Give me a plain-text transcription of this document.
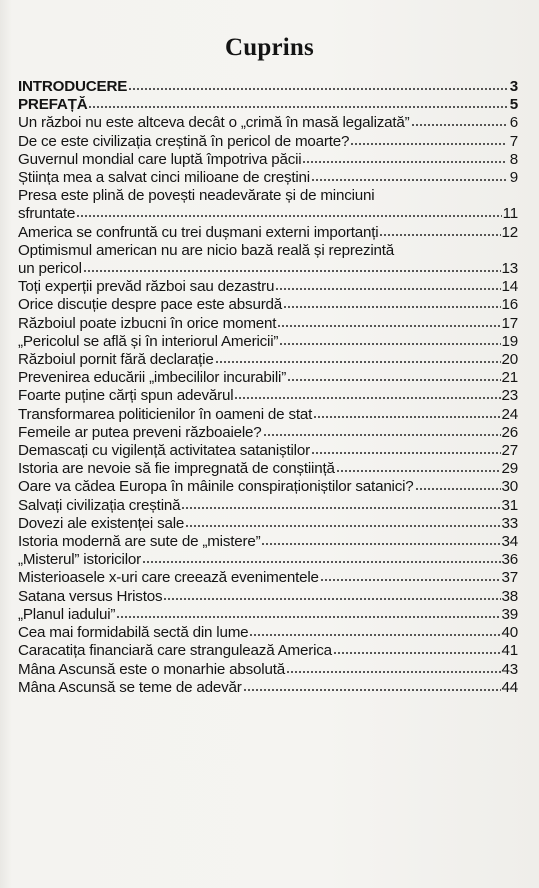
Cuprins
INTRODUCERE	3
PREFAȚĂ	5
Un război nu este altceva decât o „crimă în masă legalizată”	6
De ce este civilizația creștină în pericol de moarte?	7
Guvernul mondial care luptă împotriva păcii	8
Știința mea a salvat cinci milioane de creștini	9
Presa este plină de povești neadevărate și de minciuni
sfruntate	11
America se confruntă cu trei dușmani externi importanți	12
Optimismul american nu are nicio bază reală și reprezintă
un pericol	13
Toți experții prevăd război sau dezastru	14
Orice discuție despre pace este absurdă	16
Războiul poate izbucni în orice moment	17
„Pericolul se află și în interiorul Americii”	19
Războiul pornit fără declarație	20
Prevenirea educării „imbecililor incurabili”	21
Foarte puține cărți spun adevărul	23
Transformarea politicienilor în oameni de stat	24
Femeile ar putea preveni războaiele?	26
Demascați cu vigilență activitatea sataniștilor	27
Istoria are nevoie să fie impregnată de conștiință	29
Oare va cădea Europa în mâinile conspiraționiștilor satanici?	30
Salvați civilizația creștină	31
Dovezi ale existenței sale	33
Istoria modernă are sute de „mistere”	34
„Misterul” istoricilor	36
Misterioasele x-uri care creează evenimentele	37
Satana versus Hristos	38
„Planul iadului”	39
Cea mai formidabilă sectă din lume	40
Caracatița financiară care strangulează America	41
Mâna Ascunsă este o monarhie absolută	43
Mâna Ascunsă se teme de adevăr	44
